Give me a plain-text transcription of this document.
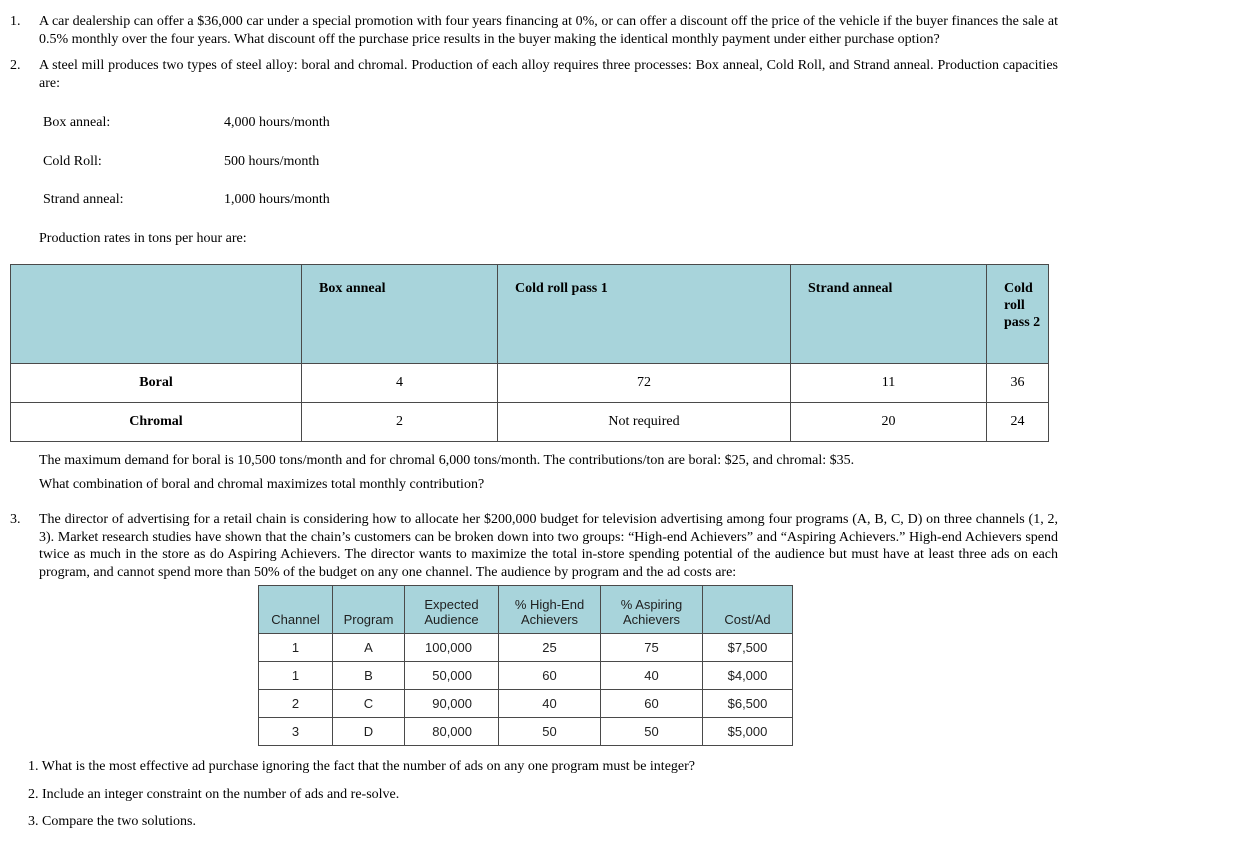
1.	A car dealership can offer a $36,000 car under a special promotion with four years financing at 0%, or can offer a discount off the price of the vehicle if the buyer finances the sale at 0.5% monthly over the four years. What discount off the purchase price results in the buyer making the identical monthly payment under either purchase option?

2.	A steel mill produces two types of steel alloy: boral and chromal. Production of each alloy requires three processes: Box anneal, Cold Roll, and Strand anneal. Production capacities are:

Box anneal:	4,000 hours/month
Cold Roll:	500 hours/month
Strand anneal:	1,000 hours/month

Production rates in tons per hour are:

	Box anneal	Cold roll pass 1	Strand anneal	Cold roll pass 2
Boral	4	72	11	36
Chromal	2	Not required	20	24

The maximum demand for boral is 10,500 tons/month and for chromal 6,000 tons/month. The contributions/ton are boral: $25, and chromal: $35.

What combination of boral and chromal maximizes total monthly contribution?

3.	The director of advertising for a retail chain is considering how to allocate her $200,000 budget for television advertising among four programs (A, B, C, D) on three channels (1, 2, 3). Market research studies have shown that the chain’s customers can be broken down into two groups: “High-end Achievers” and “Aspiring Achievers.” High-end Achievers spend twice as much in the store as do Aspiring Achievers. The director wants to maximize the total in-store spending potential of the audience but must have at least three ads on each program, and cannot spend more than 50% of the budget on any one channel. The audience by program and the ad costs are:

Channel	Program	Expected Audience	% High-End Achievers	% Aspiring Achievers	Cost/Ad
1	A	100,000	25	75	$7,500
1	B	50,000	60	40	$4,000
2	C	90,000	40	60	$6,500
3	D	80,000	50	50	$5,000

1. What is the most effective ad purchase ignoring the fact that the number of ads on any one program must be integer?

2. Include an integer constraint on the number of ads and re-solve.

3. Compare the two solutions.
